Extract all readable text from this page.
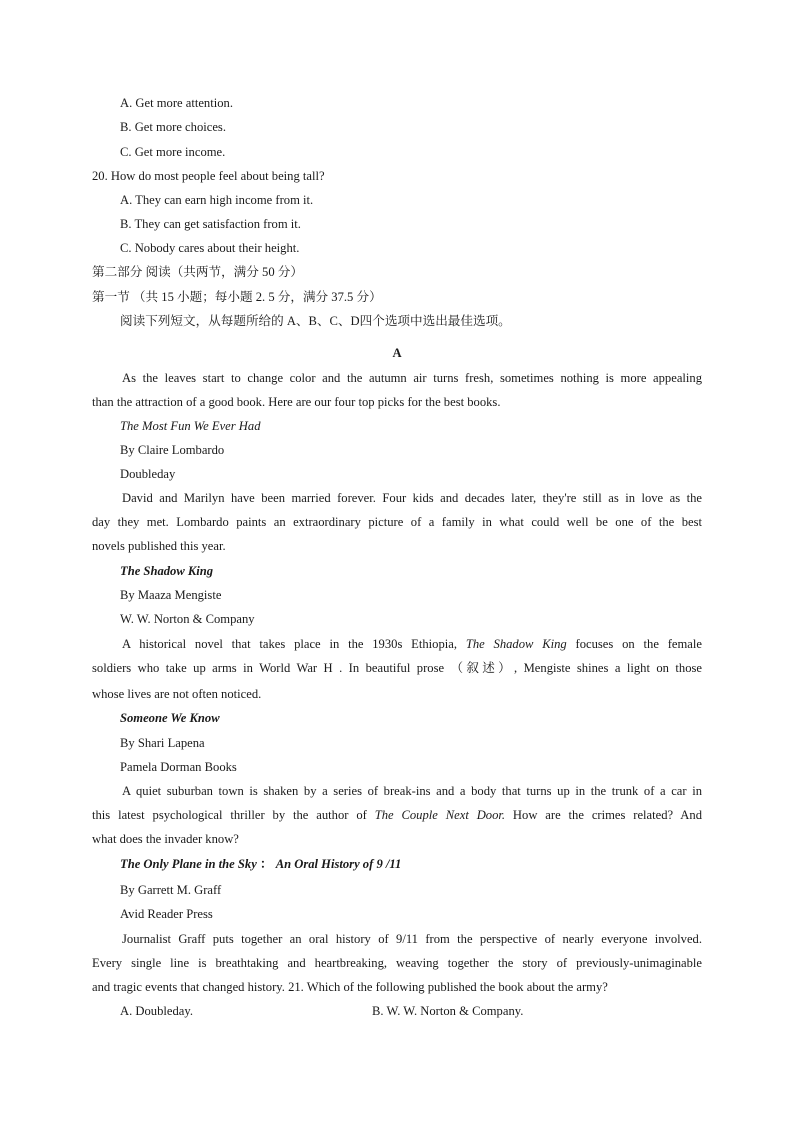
A. Get more attention.
B. Get more choices.
C. Get more income.
20. How do most people feel about being tall?
A. They can earn high income from it.
B. They can get satisfaction from it.
C. Nobody cares about their height.
第二部分 阅读（共两节，满分 50 分）
第一节 （共 15 小题；每小题 2. 5 分，满分 37.5 分）
阅读下列短文，从每题所给的 A、B、C、D四个选项中选出最佳选项。
A
As the leaves start to change color and the autumn air turns fresh, sometimes nothing is more appealing
than the attraction of a good book. Here are our four top picks for the best books.
The Most Fun We Ever Had
By Claire Lombardo
Doubleday
David and Marilyn have been married forever. Four kids and decades later, they're still as in love as the
day they met. Lombardo paints an extraordinary picture of a family in what could well be one of the best
novels published this year.
The Shadow King
By Maaza Mengiste
W. W. Norton & Company
A historical novel that takes place in the 1930s Ethiopia, The Shadow King focuses on the female
soldiers who take up arms in World War H . In beautiful prose （叙述）, Mengiste shines a light on those
whose lives are not often noticed.
Someone We Know
By Shari Lapena
Pamela Dorman Books
A quiet suburban town is shaken by a series of break-ins and a body that turns up in the trunk of a car in
this latest psychological thriller by the author of The Couple Next Door. How are the crimes related? And
what does the invader know?
The Only Plane in the Sky ： An Oral History of 9 /11
By Garrett M. Graff
Avid Reader Press
Journalist Graff puts together an oral history of 9/11 from the perspective of nearly everyone involved.
Every single line is breathtaking and heartbreaking, weaving together the story of previously-unimaginable
and tragic events that changed history. 21. Which of the following published the book about the army?
A. Doubleday.	B. W. W. Norton & Company.
